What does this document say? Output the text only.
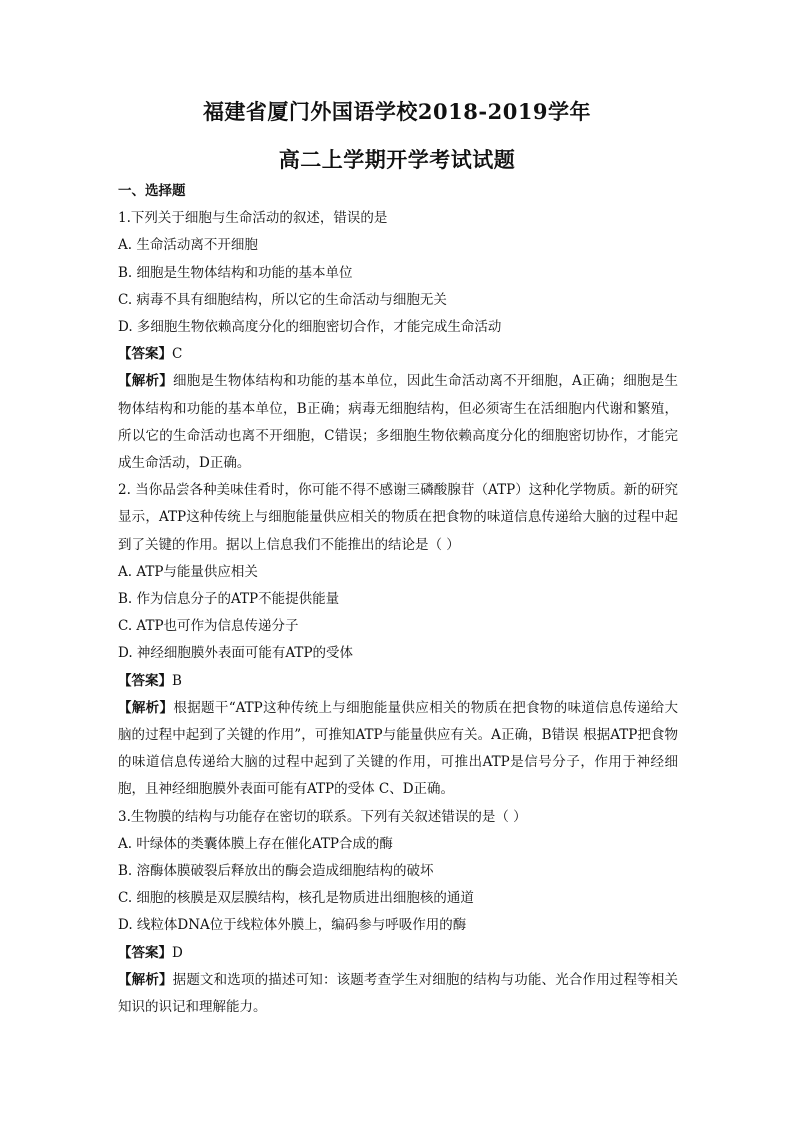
福建省厦门外国语学校2018-2019学年
高二上学期开学考试试题

一、选择题

1.下列关于细胞与生命活动的叙述，错误的是

A. 生命活动离不开细胞

B. 细胞是生物体结构和功能的基本单位

C. 病毒不具有细胞结构，所以它的生命活动与细胞无关

D. 多细胞生物依赖高度分化的细胞密切合作，才能完成生命活动

【答案】C

【解析】细胞是生物体结构和功能的基本单位，因此生命活动离不开细胞，A正确；细胞是生物体结构和功能的基本单位，B正确；病毒无细胞结构，但必须寄生在活细胞内代谢和繁殖，所以它的生命活动也离不开细胞，C错误；多细胞生物依赖高度分化的细胞密切协作，才能完成生命活动，D正确。

2. 当你品尝各种美味佳肴时，你可能不得不感谢三磷酸腺苷（ATP）这种化学物质。新的研究显示，ATP这种传统上与细胞能量供应相关的物质在把食物的味道信息传递给大脑的过程中起到了关键的作用。据以上信息我们不能推出的结论是（ ）

A. ATP与能量供应相关

B. 作为信息分子的ATP不能提供能量

C. ATP也可作为信息传递分子

D. 神经细胞膜外表面可能有ATP的受体

【答案】B

【解析】根据题干“ATP这种传统上与细胞能量供应相关的物质在把食物的味道信息传递给大脑的过程中起到了关键的作用”，可推知ATP与能量供应有关。A正确，B错误 根据ATP把食物的味道信息传递给大脑的过程中起到了关键的作用，可推出ATP是信号分子，作用于神经细胞，且神经细胞膜外表面可能有ATP的受体 C、D正确。

3.生物膜的结构与功能存在密切的联系。下列有关叙述错误的是（ ）

A. 叶绿体的类囊体膜上存在催化ATP合成的酶

B. 溶酶体膜破裂后释放出的酶会造成细胞结构的破坏

C. 细胞的核膜是双层膜结构，核孔是物质进出细胞核的通道

D. 线粒体DNA位于线粒体外膜上，编码参与呼吸作用的酶

【答案】D

【解析】据题文和选项的描述可知：该题考查学生对细胞的结构与功能、光合作用过程等相关知识的识记和理解能力。
